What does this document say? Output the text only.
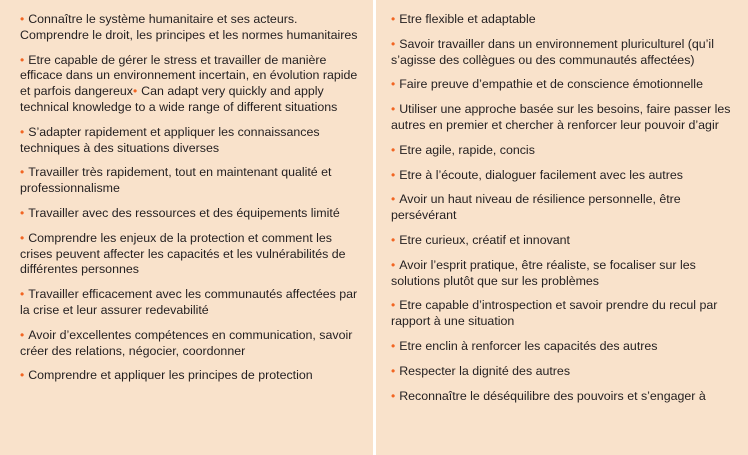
• Connaître le système humanitaire et ses acteurs. Comprendre le droit, les principes et les normes humanitaires
• Etre capable de gérer le stress et travailler de manière efficace dans un environnement incertain, en évolution rapide et parfois dangereux• Can adapt very quickly and apply technical knowledge to a wide range of different situations
• S’adapter rapidement et appliquer les connaissances techniques à des situations diverses
• Travailler très rapidement, tout en maintenant qualité et professionnalisme
• Travailler avec des ressources et des équipements limité
• Comprendre les enjeux de la protection et comment les crises peuvent affecter les capacités et les vulnérabilités de différentes personnes
• Travailler efficacement avec les communautés affectées par la crise et leur assurer redevabilité
• Avoir d’excellentes compétences en communication, savoir créer des relations, négocier, coordonner
• Comprendre et appliquer les principes de protection
• Etre flexible et adaptable
• Savoir travailler dans un environnement pluriculturel (qu’il s’agisse des collègues ou des communautés affectées)
• Faire preuve d’empathie et de conscience émotionnelle
• Utiliser une approche basée sur les besoins, faire passer les autres en premier et chercher à renforcer leur pouvoir d’agir
• Etre agile, rapide, concis
• Etre à l’écoute, dialoguer facilement avec les autres
• Avoir un haut niveau de résilience personnelle, être persévérant
• Etre curieux, créatif et innovant
• Avoir l’esprit pratique, être réaliste, se focaliser sur les solutions plutôt que sur les problèmes
• Etre capable d’introspection et savoir prendre du recul par rapport à une situation
• Etre enclin à renforcer les capacités des autres
• Respecter la dignité des autres
• Reconnaître le déséquilibre des pouvoirs et s’engager à
